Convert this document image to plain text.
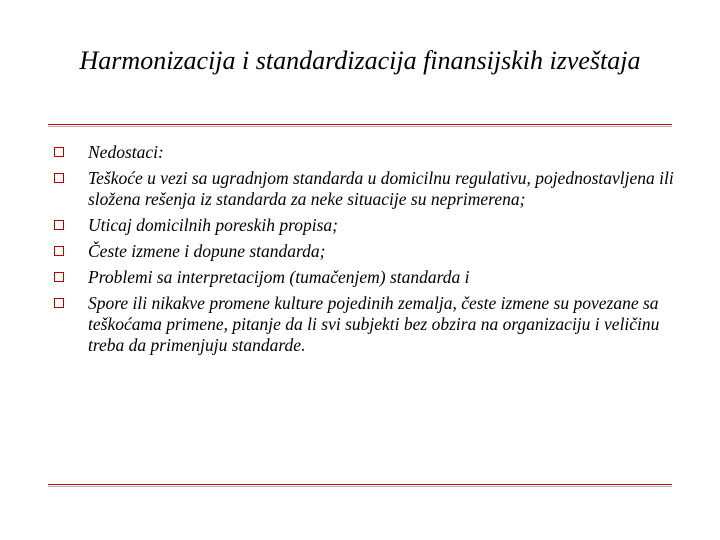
Harmonizacija i standardizacija finansijskih izveštaja
Nedostaci:
Teškoće u vezi sa ugradnjom standarda u domicilnu regulativu, pojednostavljena ili složena rešenja iz standarda za neke situacije su neprimerena;
Uticaj domicilnih poreskih propisa;
Česte izmene i dopune standarda;
Problemi sa interpretacijom (tumačenjem) standarda i
Spore ili nikakve promene kulture pojedinih zemalja, česte izmene su povezane sa teškoćama primene, pitanje da li svi subjekti bez obzira na organizaciju i veličinu treba da primenjuju standarde.
